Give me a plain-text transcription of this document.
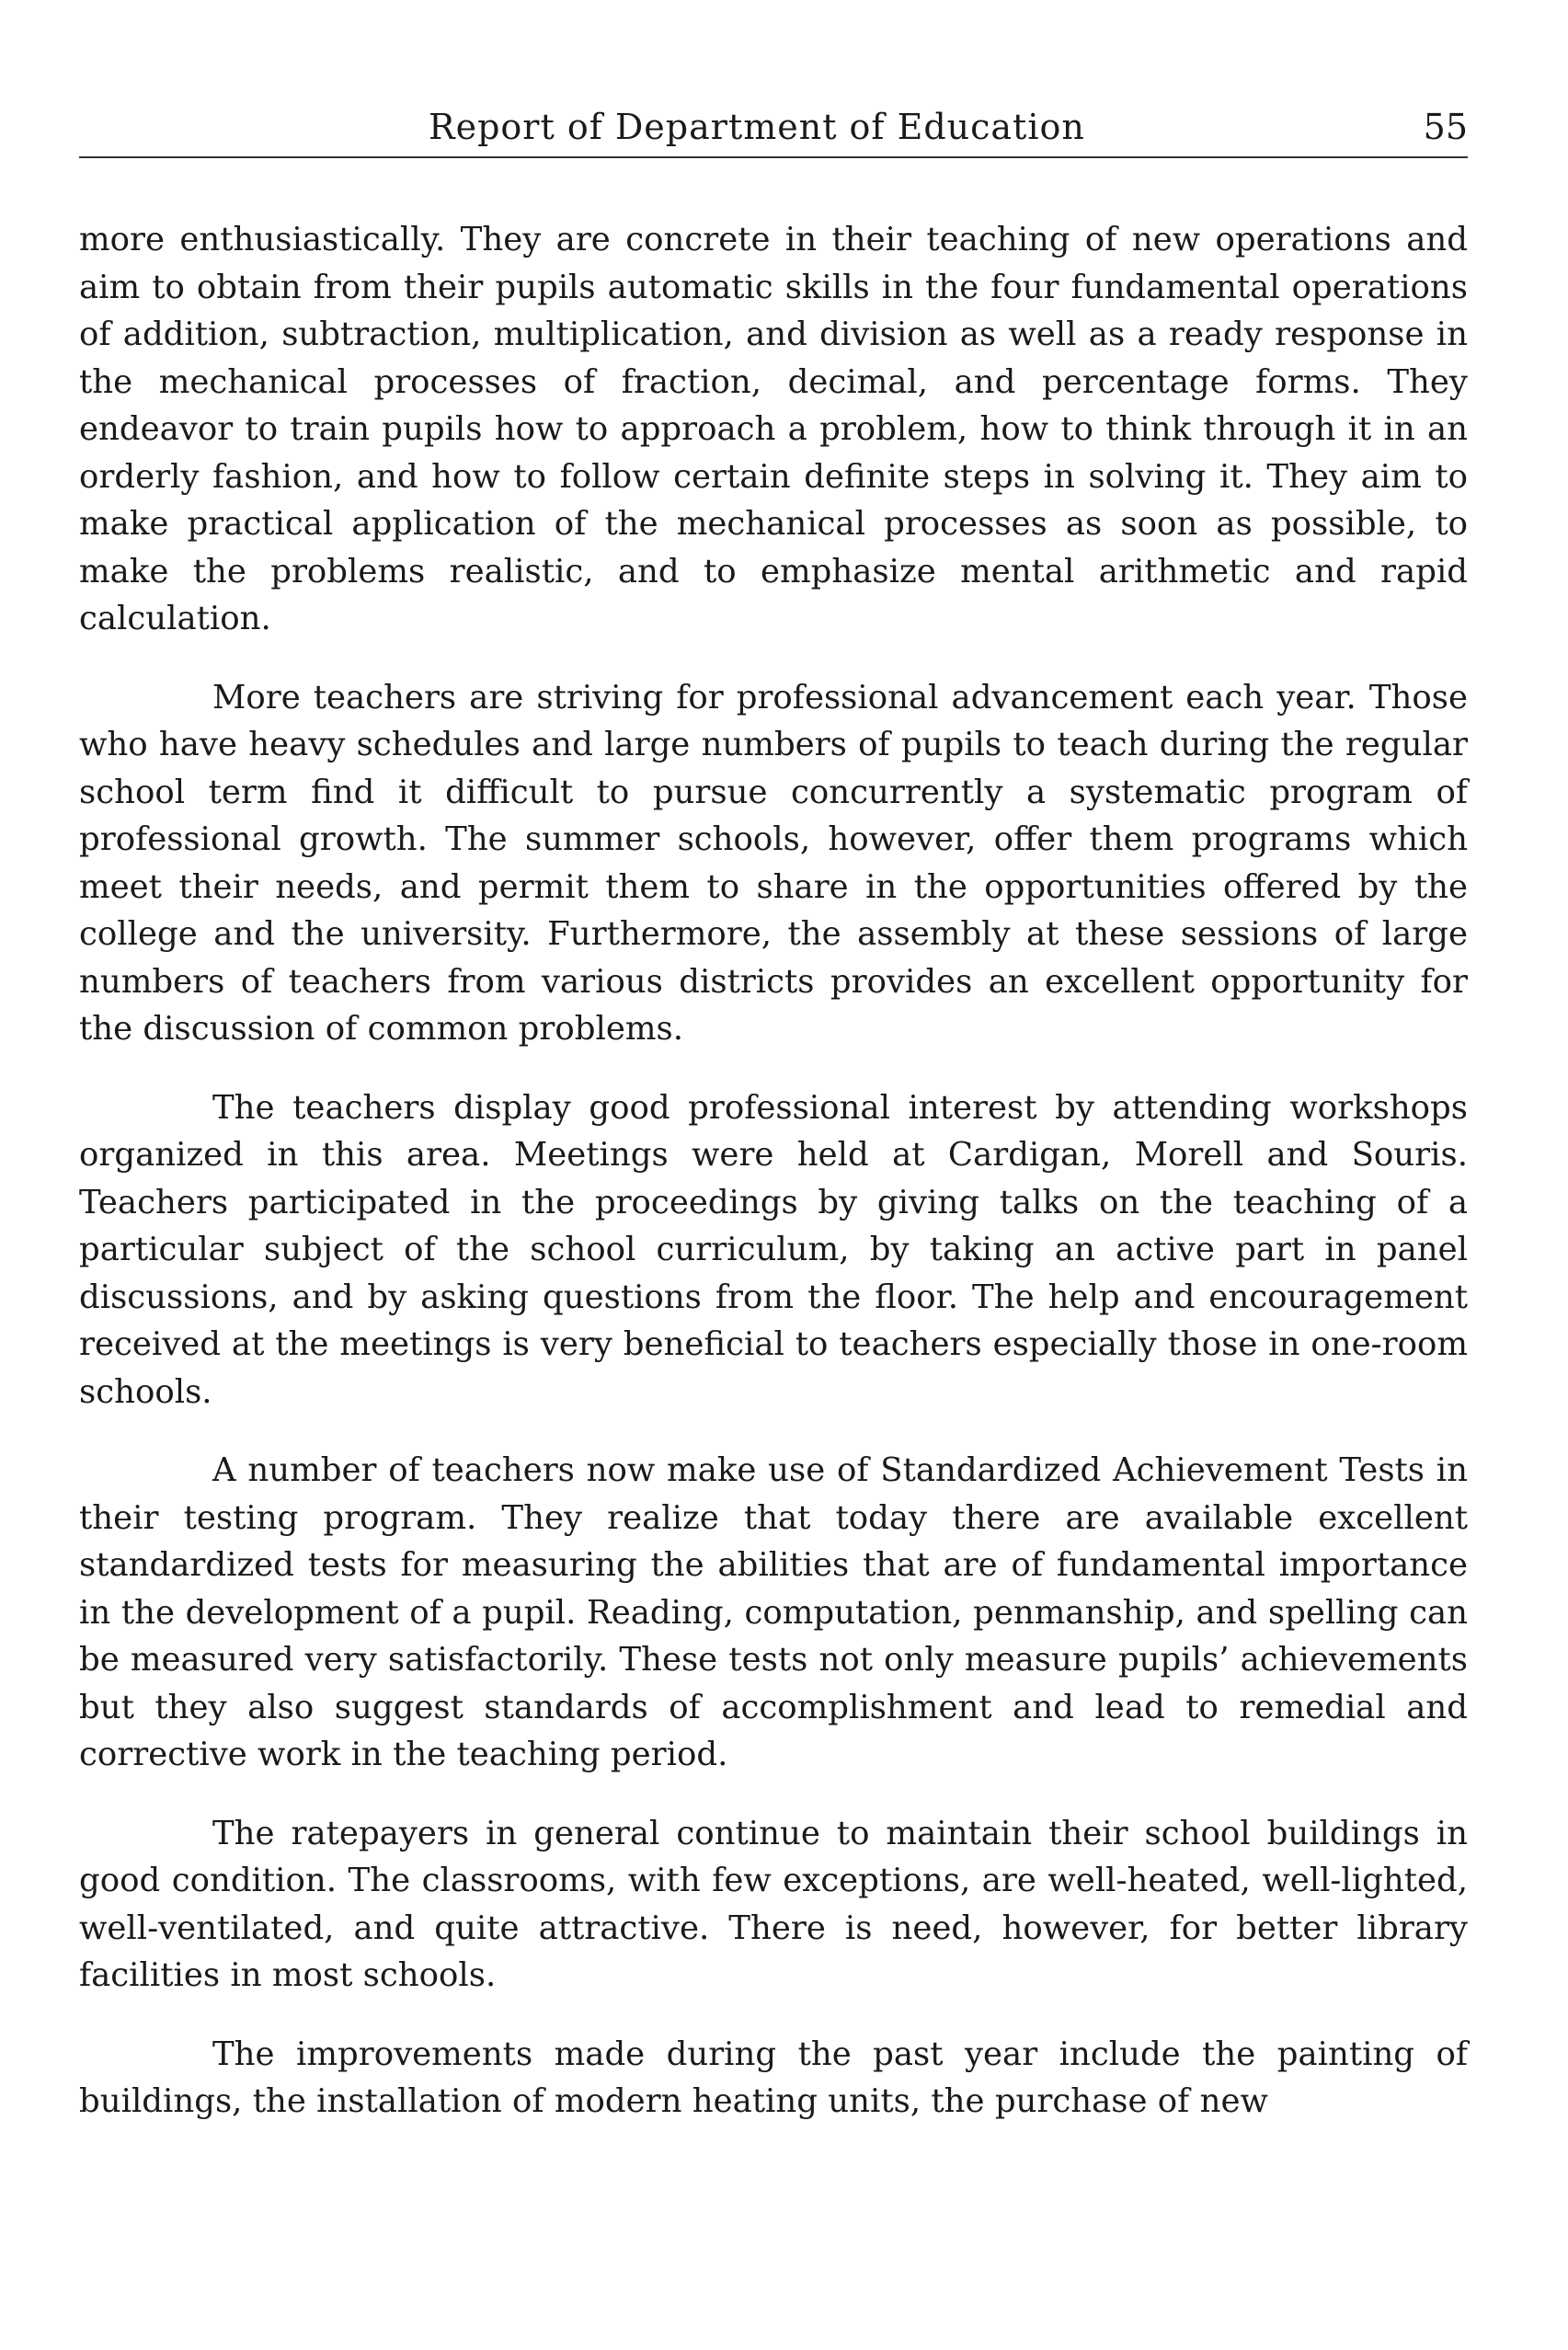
Report of Department of Education	55

more enthusiastically. They are concrete in their teaching of new operations and aim to obtain from their pupils automatic skills in the four fundamental operations of addition, subtraction, multiplication, and division as well as a ready response in the mechanical processes of fraction, decimal, and percentage forms. They endeavor to train pupils how to approach a problem, how to think through it in an orderly fashion, and how to follow certain definite steps in solving it. They aim to make practical application of the mechanical processes as soon as possible, to make the problems realistic, and to emphasize mental arithmetic and rapid calculation.

More teachers are striving for professional advancement each year. Those who have heavy schedules and large numbers of pupils to teach during the regular school term find it difficult to pursue concurrently a systematic program of professional growth. The summer schools, however, offer them programs which meet their needs, and permit them to share in the opportunities offered by the college and the university. Furthermore, the assembly at these sessions of large numbers of teachers from various districts provides an excellent opportunity for the discussion of common problems.

The teachers display good professional interest by attending workshops organized in this area. Meetings were held at Cardigan, Morell and Souris. Teachers participated in the proceedings by giving talks on the teaching of a particular subject of the school curriculum, by taking an active part in panel discussions, and by asking questions from the floor. The help and encouragement received at the meetings is very beneficial to teachers especially those in one-room schools.

A number of teachers now make use of Standardized Achievement Tests in their testing program. They realize that today there are available excellent standardized tests for measuring the abilities that are of fundamental importance in the development of a pupil. Reading, computation, penmanship, and spelling can be measured very satisfactorily. These tests not only measure pupils’ achievements but they also suggest standards of accomplishment and lead to remedial and corrective work in the teaching period.

The ratepayers in general continue to maintain their school buildings in good condition. The classrooms, with few exceptions, are well-heated, well-lighted, well-ventilated, and quite attractive. There is need, however, for better library facilities in most schools.

The improvements made during the past year include the painting of buildings, the installation of modern heating units, the purchase of new
